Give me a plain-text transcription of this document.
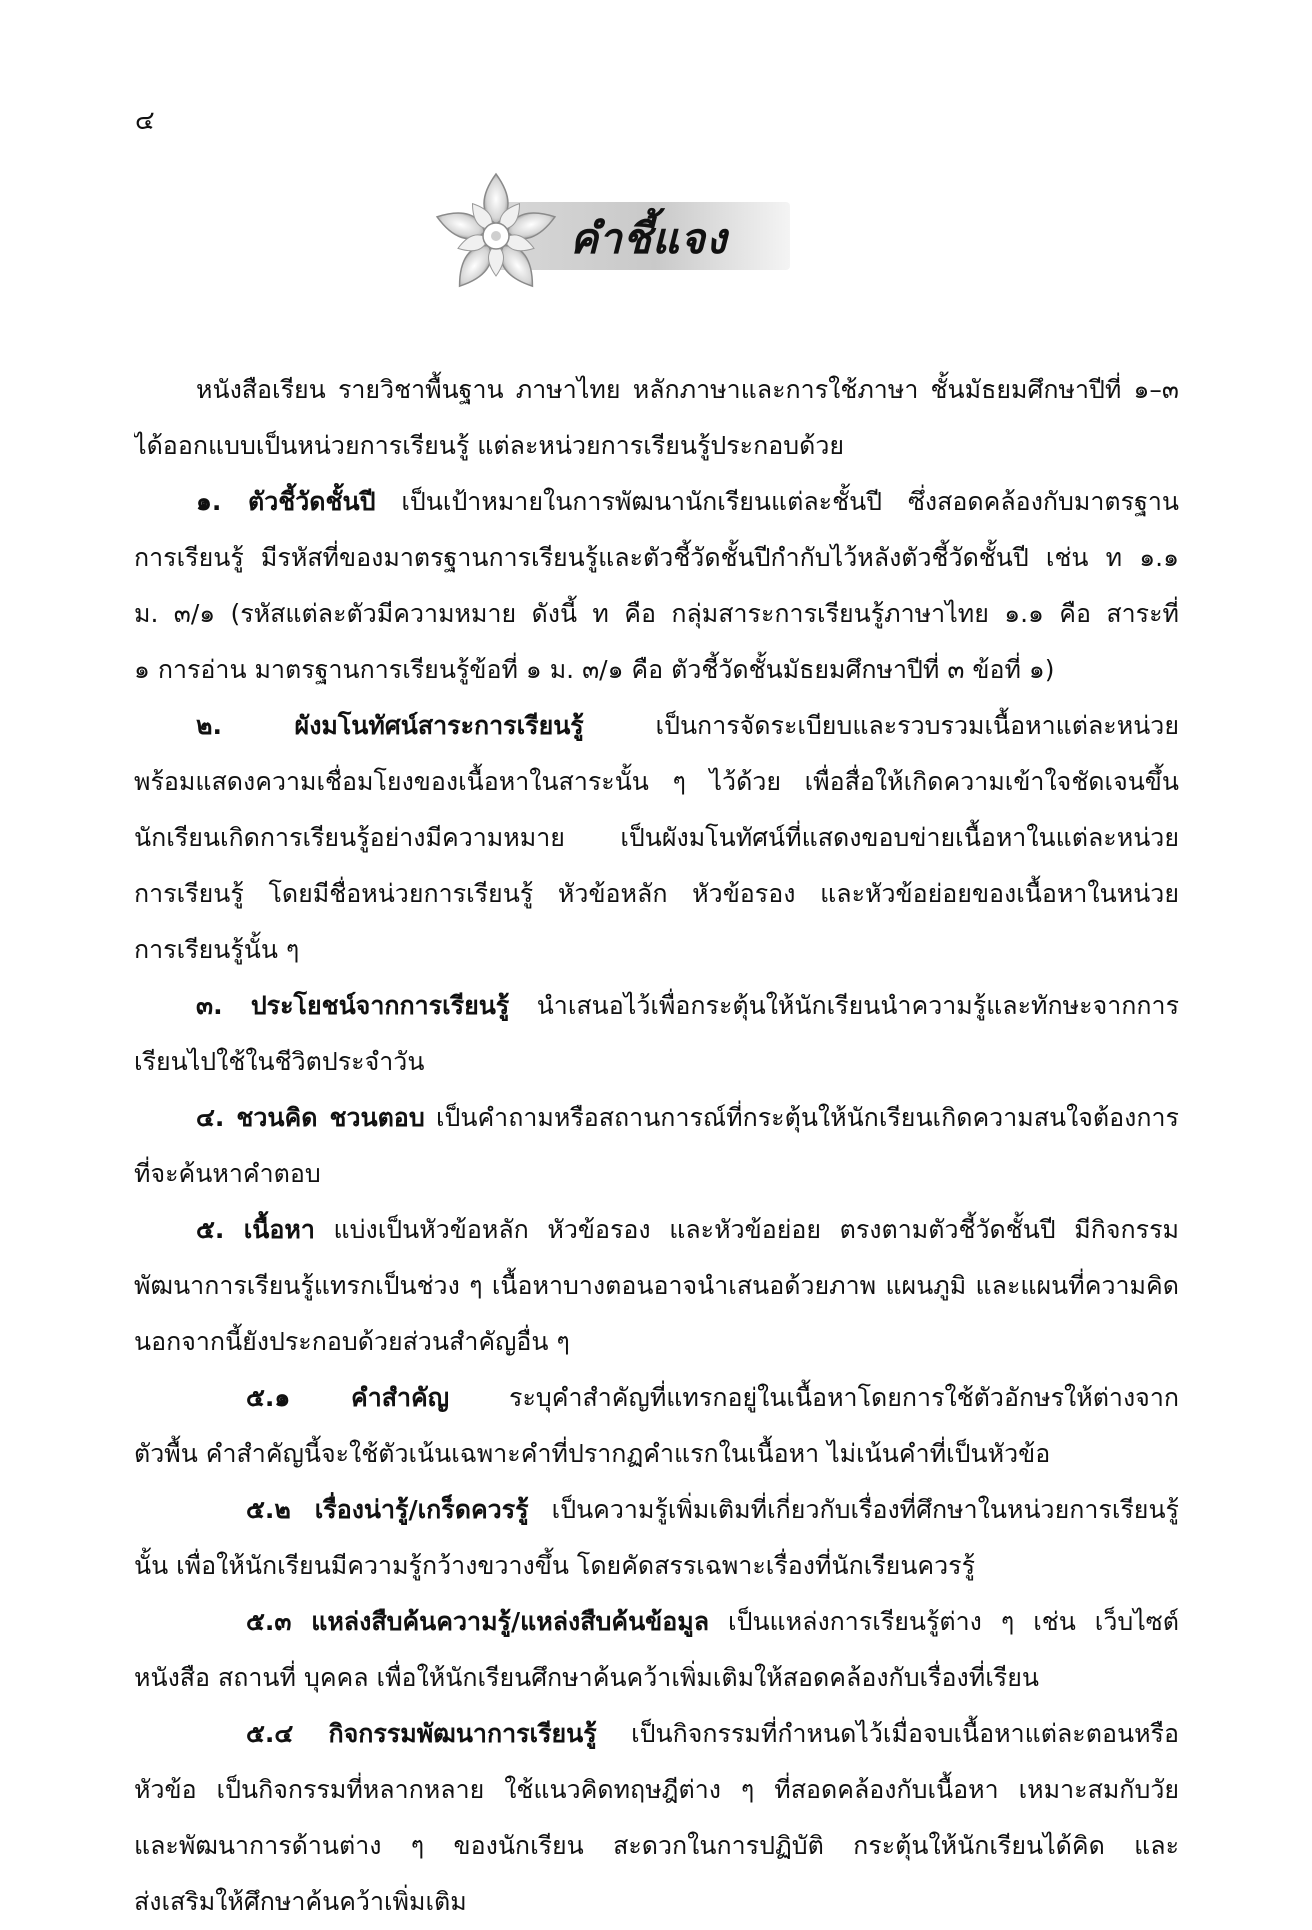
๔
คำชี้แจง
หนังสือเรียน รายวิชาพื้นฐาน ภาษาไทย หลักภาษาและการใช้ภาษา ชั้นมัธยมศึกษาปีที่ ๑–๓
ได้ออกแบบเป็นหน่วยการเรียนรู้ แต่ละหน่วยการเรียนรู้ประกอบด้วย
๑. ตัวชี้วัดชั้นปี เป็นเป้าหมายในการพัฒนานักเรียนแต่ละชั้นปี ซึ่งสอดคล้องกับมาตรฐาน
การเรียนรู้ มีรหัสที่ของมาตรฐานการเรียนรู้และตัวชี้วัดชั้นปีกำกับไว้หลังตัวชี้วัดชั้นปี เช่น ท ๑.๑
ม. ๓/๑ (รหัสแต่ละตัวมีความหมาย ดังนี้ ท คือ กลุ่มสาระการเรียนรู้ภาษาไทย ๑.๑ คือ สาระที่
๑ การอ่าน มาตรฐานการเรียนรู้ข้อที่ ๑ ม. ๓/๑ คือ ตัวชี้วัดชั้นมัธยมศึกษาปีที่ ๓ ข้อที่ ๑)
๒. ผังมโนทัศน์สาระการเรียนรู้ เป็นการจัดระเบียบและรวบรวมเนื้อหาแต่ละหน่วย
พร้อมแสดงความเชื่อมโยงของเนื้อหาในสาระนั้น ๆ ไว้ด้วย เพื่อสื่อให้เกิดความเข้าใจชัดเจนขึ้น
นักเรียนเกิดการเรียนรู้อย่างมีความหมาย เป็นผังมโนทัศน์ที่แสดงขอบข่ายเนื้อหาในแต่ละหน่วย
การเรียนรู้ โดยมีชื่อหน่วยการเรียนรู้ หัวข้อหลัก หัวข้อรอง และหัวข้อย่อยของเนื้อหาในหน่วย
การเรียนรู้นั้น ๆ
๓. ประโยชน์จากการเรียนรู้ นำเสนอไว้เพื่อกระตุ้นให้นักเรียนนำความรู้และทักษะจากการ
เรียนไปใช้ในชีวิตประจำวัน
๔. ชวนคิด ชวนตอบ เป็นคำถามหรือสถานการณ์ที่กระตุ้นให้นักเรียนเกิดความสนใจต้องการ
ที่จะค้นหาคำตอบ
๕. เนื้อหา แบ่งเป็นหัวข้อหลัก หัวข้อรอง และหัวข้อย่อย ตรงตามตัวชี้วัดชั้นปี มีกิจกรรม
พัฒนาการเรียนรู้แทรกเป็นช่วง ๆ เนื้อหาบางตอนอาจนำเสนอด้วยภาพ แผนภูมิ และแผนที่ความคิด
นอกจากนี้ยังประกอบด้วยส่วนสำคัญอื่น ๆ
๕.๑ คำสำคัญ ระบุคำสำคัญที่แทรกอยู่ในเนื้อหาโดยการใช้ตัวอักษรให้ต่างจาก
ตัวพื้น คำสำคัญนี้จะใช้ตัวเน้นเฉพาะคำที่ปรากฏคำแรกในเนื้อหา ไม่เน้นคำที่เป็นหัวข้อ
๕.๒ เรื่องน่ารู้/เกร็ดควรรู้ เป็นความรู้เพิ่มเติมที่เกี่ยวกับเรื่องที่ศึกษาในหน่วยการเรียนรู้
นั้น เพื่อให้นักเรียนมีความรู้กว้างขวางขึ้น โดยคัดสรรเฉพาะเรื่องที่นักเรียนควรรู้
๕.๓ แหล่งสืบค้นความรู้/แหล่งสืบค้นข้อมูล เป็นแหล่งการเรียนรู้ต่าง ๆ เช่น เว็บไซต์
หนังสือ สถานที่ บุคคล เพื่อให้นักเรียนศึกษาค้นคว้าเพิ่มเติมให้สอดคล้องกับเรื่องที่เรียน
๕.๔ กิจกรรมพัฒนาการเรียนรู้ เป็นกิจกรรมที่กำหนดไว้เมื่อจบเนื้อหาแต่ละตอนหรือ
หัวข้อ เป็นกิจกรรมที่หลากหลาย ใช้แนวคิดทฤษฎีต่าง ๆ ที่สอดคล้องกับเนื้อหา เหมาะสมกับวัย
และพัฒนาการด้านต่าง ๆ ของนักเรียน สะดวกในการปฏิบัติ กระตุ้นให้นักเรียนได้คิด และ
ส่งเสริมให้ศึกษาค้นคว้าเพิ่มเติม
